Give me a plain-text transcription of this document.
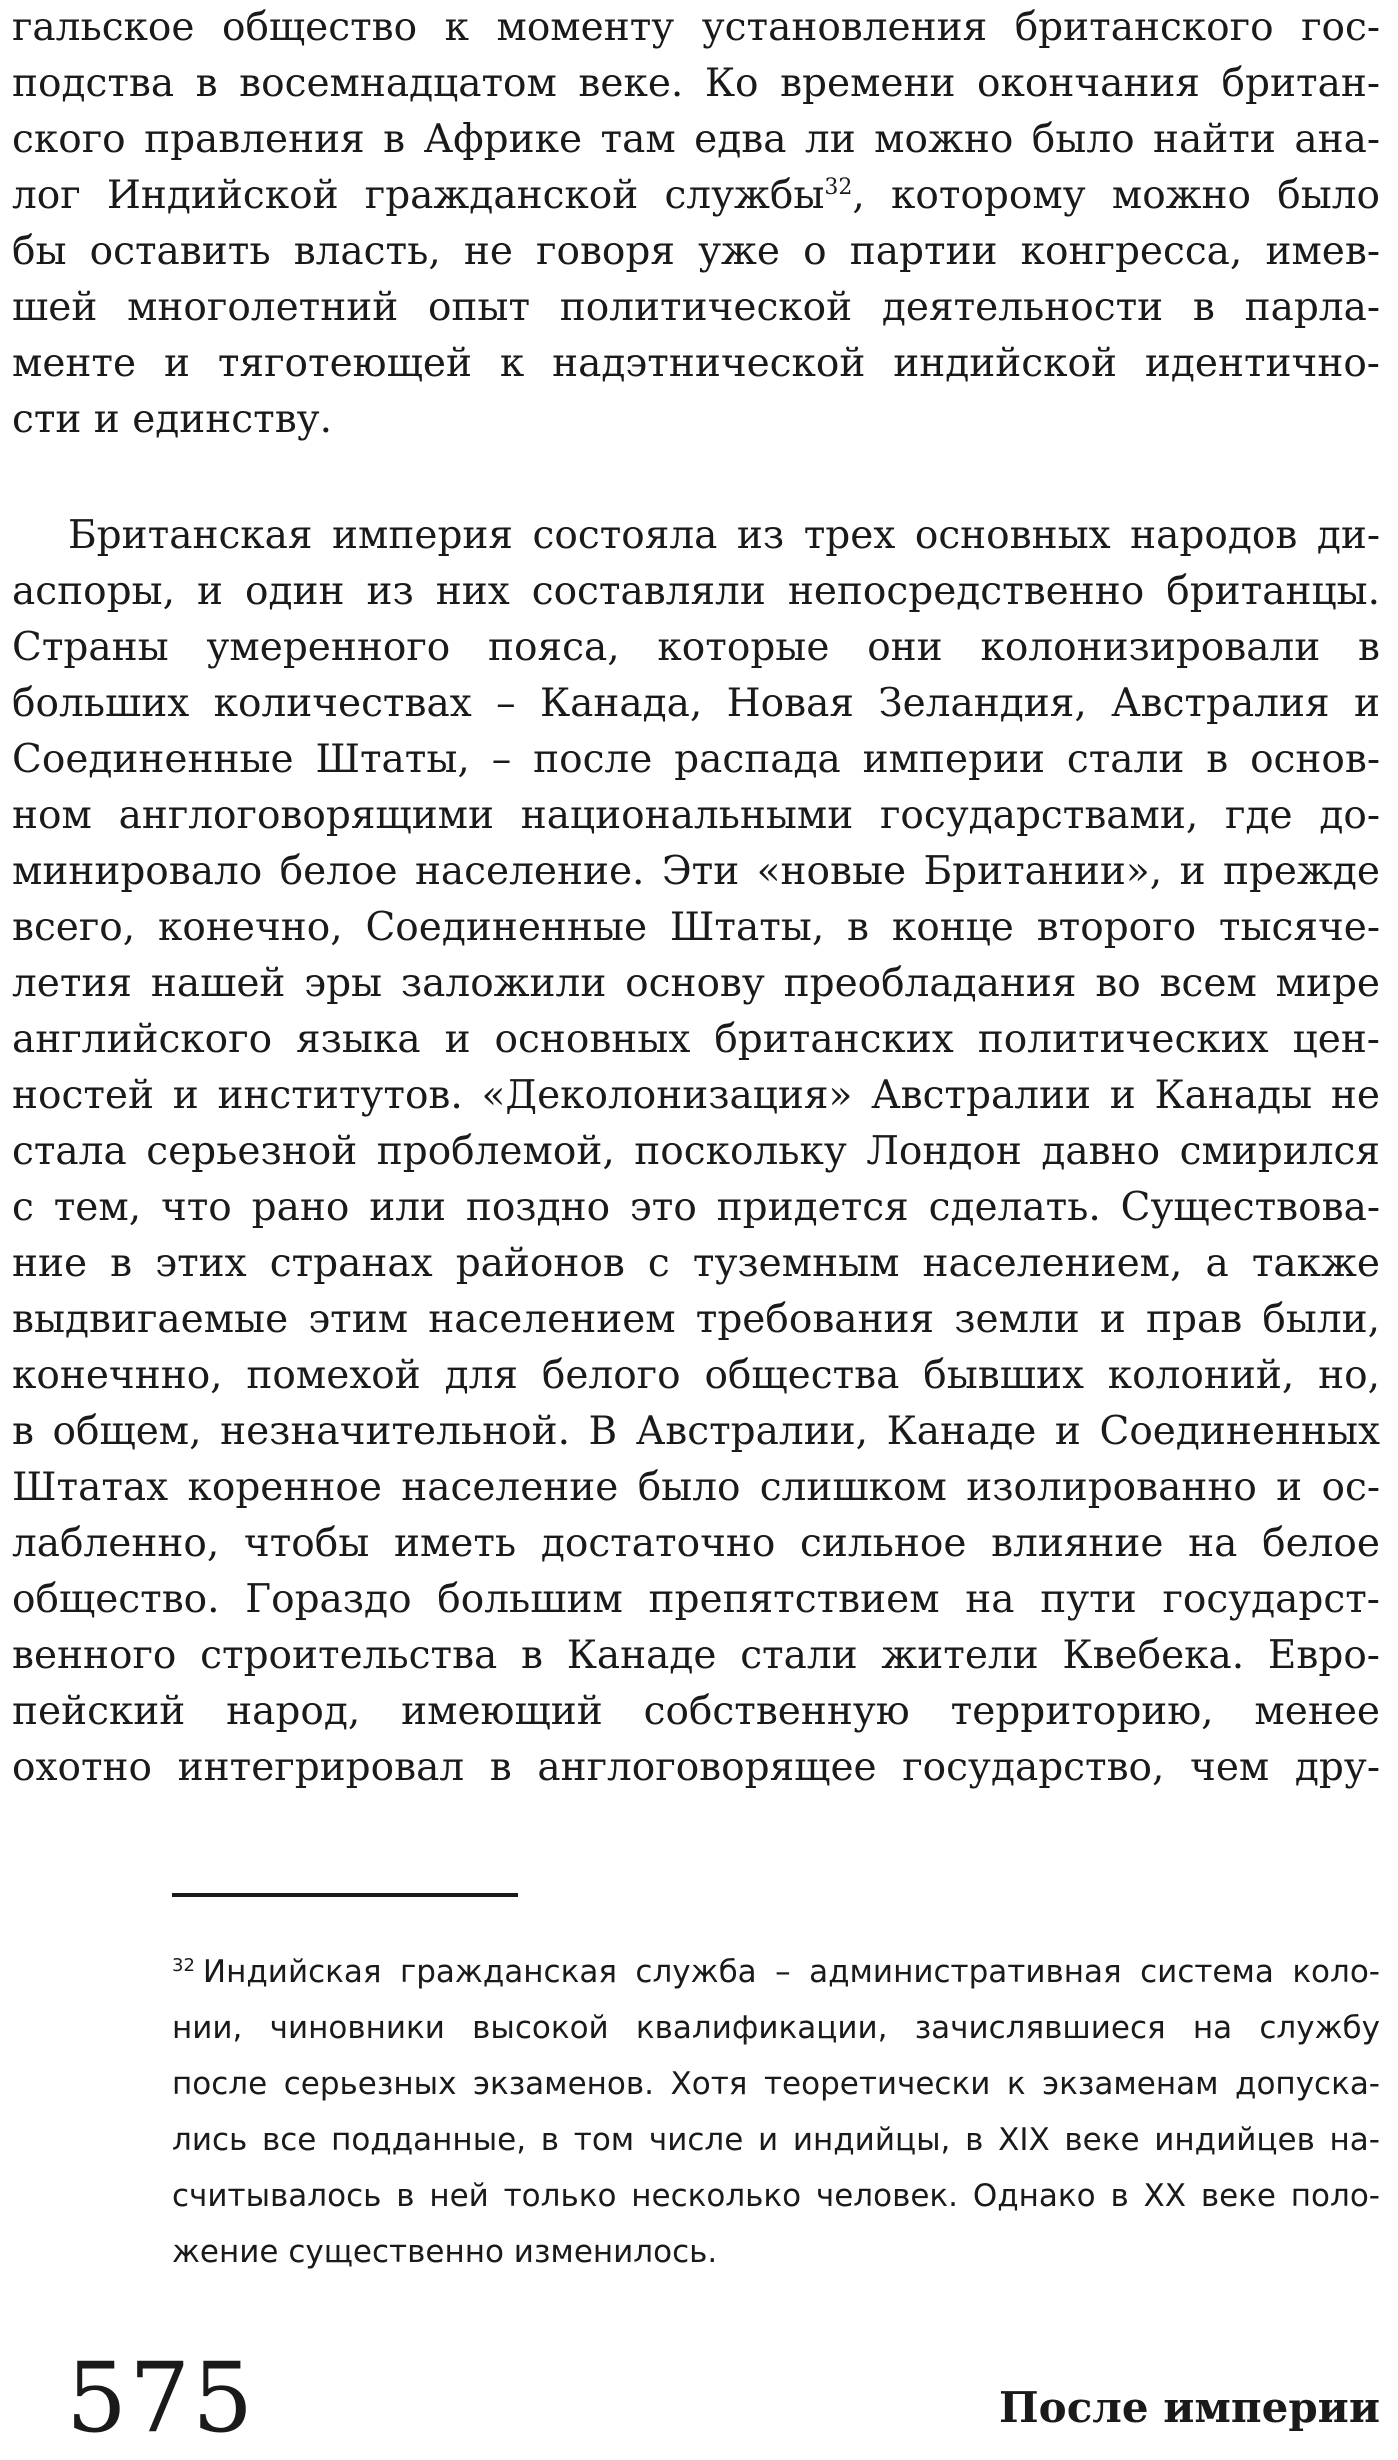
гальское общество к моменту установления британского гос-
подства в восемнадцатом веке. Ко времени окончания британ-
ского правления в Африке там едва ли можно было найти ана-
лог Индийской гражданской службы$^{32}$, которому можно было
бы оставить власть, не говоря уже о партии конгресса, имев-
шей многолетний опыт политической деятельности в парла-
менте и тяготеющей к надэтнической индийской идентично-
сти и единству.
Британская империя состояла из трех основных народов ди-
аспоры, и один из них составляли непосредственно британцы.
Страны умеренного пояса, которые они колонизировали в
больших количествах – Канада, Новая Зеландия, Австралия и
Соединенные Штаты, – после распада империи стали в основ-
ном англоговорящими национальными государствами, где до-
минировало белое население. Эти «новые Британии», и прежде
всего, конечно, Соединенные Штаты, в конце второго тысяче-
летия нашей эры заложили основу преобладания во всем мире
английского языка и основных британских политических цен-
ностей и институтов. «Деколонизация» Австралии и Канады не
стала серьезной проблемой, поскольку Лондон давно смирился
с тем, что рано или поздно это придется сделать. Существова-
ние в этих странах районов с туземным населением, а также
выдвигаемые этим населением требования земли и прав были,
конечнно, помехой для белого общества бывших колоний, но,
в общем, незначительной. В Австралии, Канаде и Соединенных
Штатах коренное население было слишком изолированно и ос-
лабленно, чтобы иметь достаточно сильное влияние на белое
общество. Гораздо большим препятствием на пути государст-
венного строительства в Канаде стали жители Квебека. Евро-
пейский народ, имеющий собственную территорию, менее
охотно интегрировал в англоговорящее государство, чем дру-
$^{32}$ Индийская гражданская служба – административная система коло-
нии, чиновники высокой квалификации, зачислявшиеся на службу
после серьезных экзаменов. Хотя теоретически к экзаменам допуска-
лись все подданные, в том числе и индийцы, в XIX веке индийцев на-
считывалось в ней только несколько человек. Однако в XX веке поло-
жение существенно изменилось.
575	После империи
